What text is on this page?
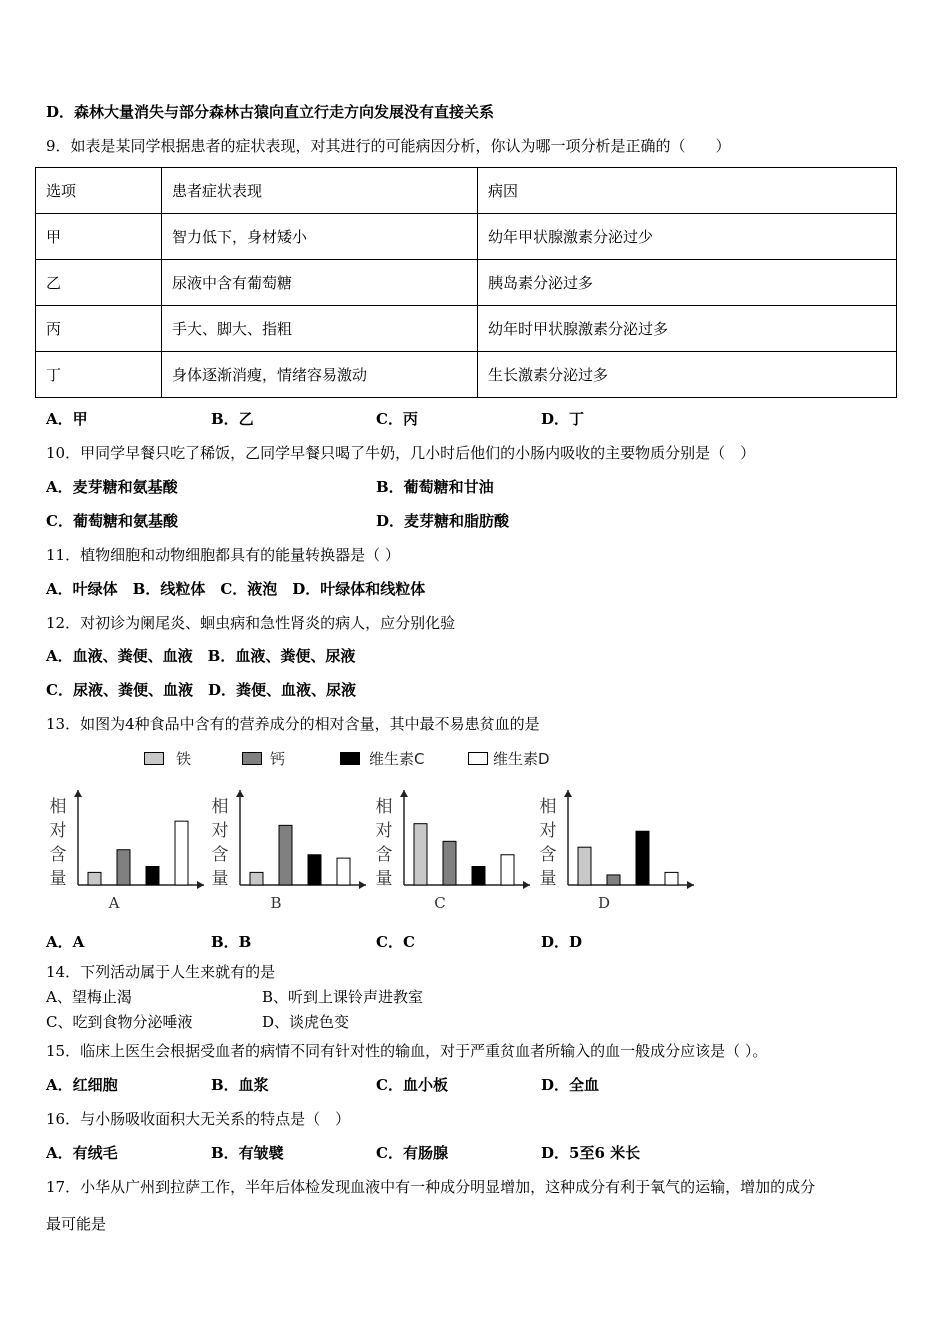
D．森林大量消失与部分森林古猿向直立行走方向发展没有直接关系
9．如表是某同学根据患者的症状表现，对其进行的可能病因分析，你认为哪一项分析是正确的（　　）
选项	患者症状表现	病因
甲	智力低下，身材矮小	幼年甲状腺激素分泌过少
乙	尿液中含有葡萄糖	胰岛素分泌过多
丙	手大、脚大、指粗	幼年时甲状腺激素分泌过多
丁	身体逐渐消瘦，情绪容易激动	生长激素分泌过多
A．甲	B．乙	C．丙	D．丁
10．甲同学早餐只吃了稀饭，乙同学早餐只喝了牛奶，几小时后他们的小肠内吸收的主要物质分别是（　）
A．麦芽糖和氨基酸	B．葡萄糖和甘油
C．葡萄糖和氨基酸	D．麦芽糖和脂肪酸
11．植物细胞和动物细胞都具有的能量转换器是（ ）
A．叶绿体　B．线粒体　C．液泡　D．叶绿体和线粒体
12．对初诊为阑尾炎、蛔虫病和急性肾炎的病人，应分别化验
A．血液、粪便、血液　B．血液、粪便、尿液
C．尿液、粪便、血液　D．粪便、血液、尿液
13．如图为4种食品中含有的营养成分的相对含量，其中最不易患贫血的是
铁	钙	维生素C	维生素D
相
对
含
量
A
相
对
含
量
B
相
对
含
量
C
相
对
含
量
D
A．A	B．B	C．C	D．D
14．下列活动属于人生来就有的是
A、望梅止渴	B、听到上课铃声进教室
C、吃到食物分泌唾液	D、谈虎色变
15．临床上医生会根据受血者的病情不同有针对性的输血，对于严重贫血者所输入的血一般成分应该是（ ）。
A．红细胞	B．血浆	C．血小板	D．全血
16．与小肠吸收面积大无关系的特点是（　）
A．有绒毛	B．有皱襞	C．有肠腺	D．5至6 米长
17．小华从广州到拉萨工作，半年后体检发现血液中有一种成分明显增加，这种成分有利于氧气的运输，增加的成分
最可能是
